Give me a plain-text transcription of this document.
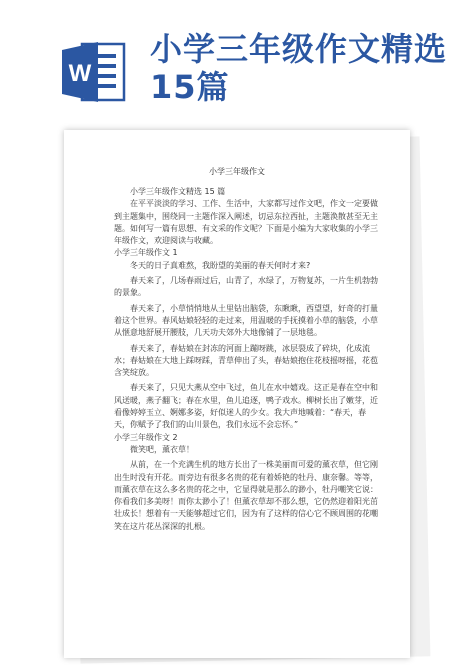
W
小学三年级作文精选15篇
小学三年级作文

小学三年级作文精选 15 篇

在平平淡淡的学习、工作、生活中，大家都写过作文吧，作文一定要做到主题集中，围绕同一主题作深入阐述，切忌东拉西扯，主题涣散甚至无主题。如何写一篇有思想、有文采的作文呢？下面是小编为大家收集的小学三年级作文，欢迎阅读与收藏。

小学三年级作文 1

冬天的日子真难熬，我盼望的美丽的春天何时才来?

春天来了，几场春雨过后，山青了，水绿了，万物复苏，一片生机勃勃的景象。

春天来了，小草悄悄地从土里钻出脑袋，东瞅瞅，西望望，好奇的打量着这个世界。春风姑娘轻轻的走过来，用温暖的手抚摸着小草的脑袋，小草从惬意地舒展开腰肢，几天功夫郊外大地像铺了一层地毯。

春天来了，春姑娘在封冻的河面上蹦呀跳，冰层裂成了碎块，化成流水；春姑娘在大地上踩呀踩，青草伸出了头，春姑娘抱住花枝摇呀摇，花苞含笑绽放。

春天来了，只见大燕从空中飞过，鱼儿在水中嬉戏。这正是春在空中和风送暖，燕子翻飞；春在水里，鱼儿追逐，鸭子戏水。柳树长出了嫩芽，近看像婷婷玉立、婀娜多姿，好似迷人的少女。我大声地喊着：“春天，春天，你赋予了我们的山川景色，我们永远不会忘怀。”

小学三年级作文 2

微笑吧，薰衣草！

从前，在一个充满生机的地方长出了一株美丽而可爱的薰衣草，但它刚出生时没有开花。而旁边有很多名贵的花有着娇艳的牡丹、康奈馨。等等，而薰衣草在这么多名贵的花之中，它显得就是那么的渺小，牡丹嘲笑它说：你看我们多美呀！而你太渺小了！但薰衣草却不那么想，它仍然迎着阳光茁壮成长！想着有一天能够超过它们，因为有了这样的信心它不顾周围的花嘲笑在这片花丛深深的扎根。
